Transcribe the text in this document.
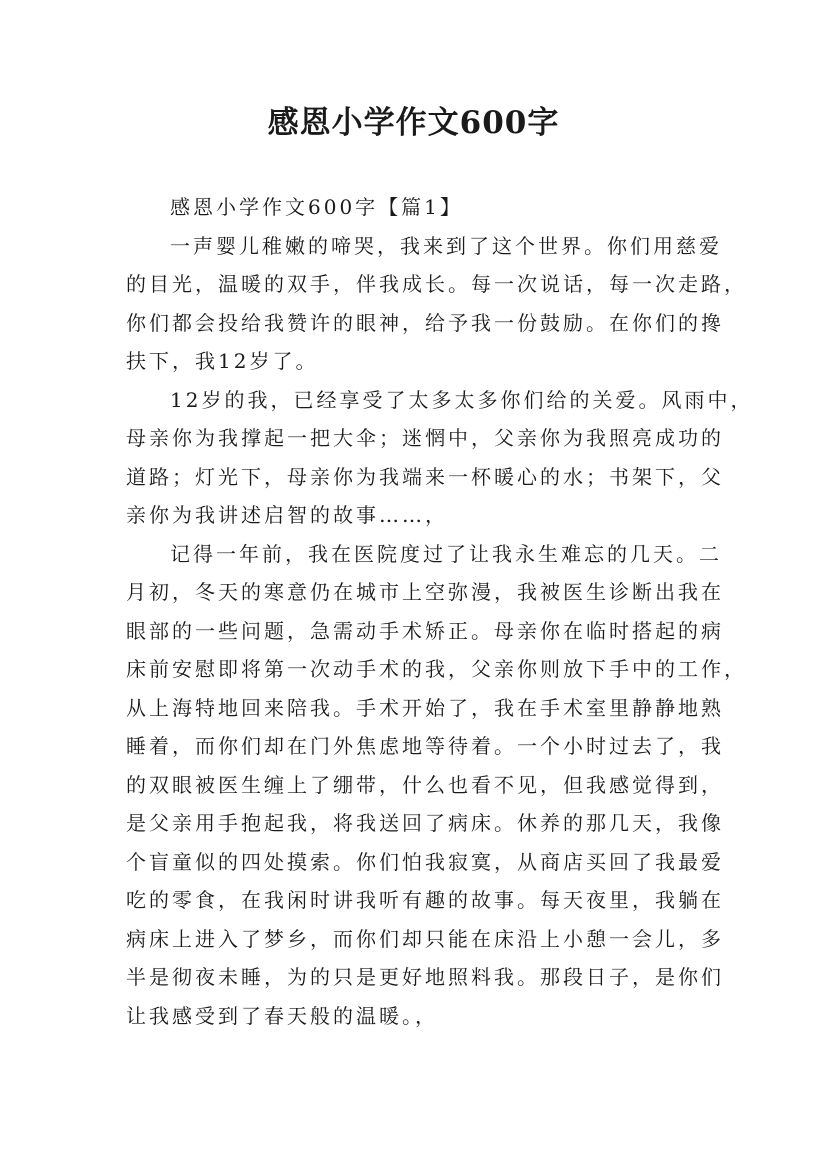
感恩小学作文600字
感恩小学作文600字【篇1】
一声婴儿稚嫩的啼哭，我来到了这个世界。你们用慈爱
的目光，温暖的双手，伴我成长。每一次说话，每一次走路，
你们都会投给我赞许的眼神，给予我一份鼓励。在你们的搀
扶下，我12岁了。
12岁的我，已经享受了太多太多你们给的关爱。风雨中，
母亲你为我撑起一把大伞；迷惘中，父亲你为我照亮成功的
道路；灯光下，母亲你为我端来一杯暖心的水；书架下，父
亲你为我讲述启智的故事……，
记得一年前，我在医院度过了让我永生难忘的几天。二
月初，冬天的寒意仍在城市上空弥漫，我被医生诊断出我在
眼部的一些问题，急需动手术矫正。母亲你在临时搭起的病
床前安慰即将第一次动手术的我，父亲你则放下手中的工作，
从上海特地回来陪我。手术开始了，我在手术室里静静地熟
睡着，而你们却在门外焦虑地等待着。一个小时过去了，我
的双眼被医生缠上了绷带，什么也看不见，但我感觉得到，
是父亲用手抱起我，将我送回了病床。休养的那几天，我像
个盲童似的四处摸索。你们怕我寂寞，从商店买回了我最爱
吃的零食，在我闲时讲我听有趣的故事。每天夜里，我躺在
病床上进入了梦乡，而你们却只能在床沿上小憩一会儿，多
半是彻夜未睡，为的只是更好地照料我。那段日子，是你们
让我感受到了春天般的温暖。，
